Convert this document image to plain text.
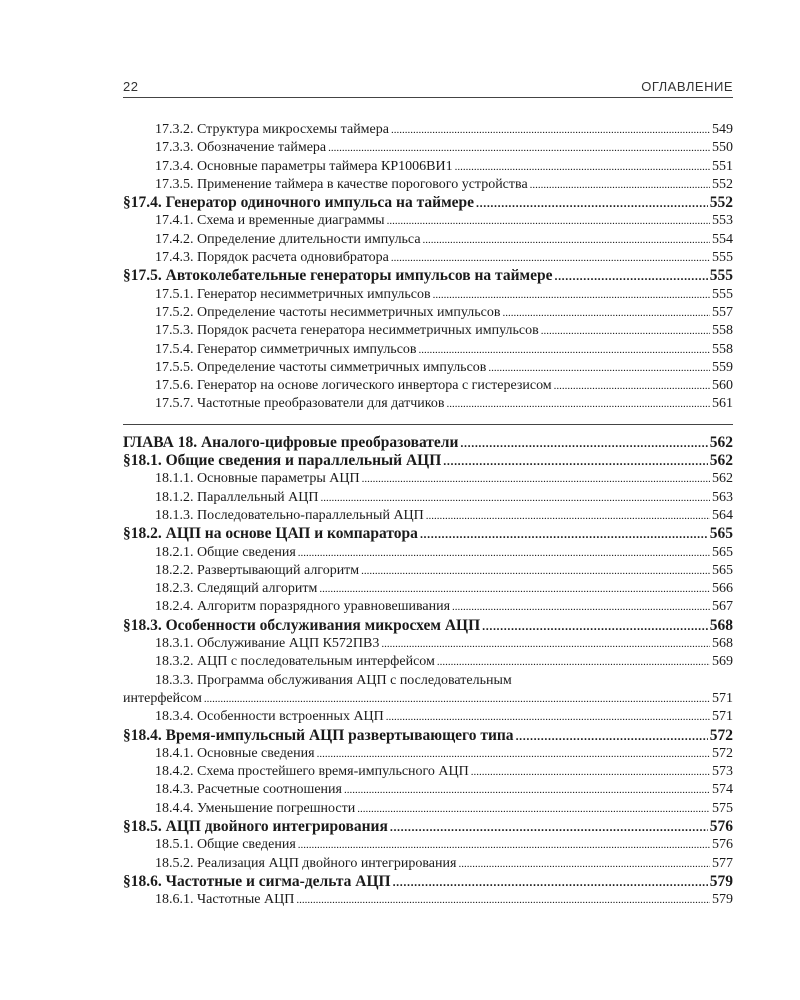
22	ОГЛАВЛЕНИЕ
17.3.2. Структура микросхемы таймера .....	549
17.3.3. Обозначение таймера .....	550
17.3.4. Основные параметры таймера КР1006ВИ1 .....	551
17.3.5. Применение таймера в качестве порогового устройства .....	552
§17.4. Генератор одиночного импульса на таймере . . .	552
17.4.1. Схема и временные диаграммы .....	553
17.4.2. Определение длительности импульса .....	554
17.4.3. Порядок расчета одновибратора .....	555
§17.5. Автоколебательные генераторы импульсов на таймере . . .	555
17.5.1. Генератор несимметричных импульсов .....	555
17.5.2. Определение частоты несимметричных импульсов .....	557
17.5.3. Порядок расчета генератора несимметричных импульсов .....	558
17.5.4. Генератор симметричных импульсов .....	558
17.5.5. Определение частоты симметричных импульсов .....	559
17.5.6. Генератор на основе логического инвертора с гистерезисом .....	560
17.5.7. Частотные преобразователи для датчиков .....	561
ГЛАВА 18. Аналого-цифровые преобразователи . . .	562
§18.1. Общие сведения и параллельный АЦП . . .	562
18.1.1. Основные параметры АЦП .....	562
18.1.2. Параллельный АЦП .....	563
18.1.3. Последовательно-параллельный АЦП .....	564
§18.2. АЦП на основе ЦАП и компаратора . . .	565
18.2.1. Общие сведения .....	565
18.2.2. Развертывающий алгоритм .....	565
18.2.3. Следящий алгоритм .....	566
18.2.4. Алгоритм поразрядного уравновешивания .....	567
§18.3. Особенности обслуживания микросхем АЦП . . .	568
18.3.1. Обслуживание АЦП К572ПВ3 .....	568
18.3.2. АЦП с последовательным интерфейсом .....	569
18.3.3. Программа обслуживания АЦП с последовательным
интерфейсом .....	571
18.3.4. Особенности встроенных АЦП .....	571
§18.4. Время-импульсный АЦП развертывающего типа . . .	572
18.4.1. Основные сведения .....	572
18.4.2. Схема простейшего время-импульсного АЦП .....	573
18.4.3. Расчетные соотношения .....	574
18.4.4. Уменьшение погрешности .....	575
§18.5. АЦП двойного интегрирования . . .	576
18.5.1. Общие сведения .....	576
18.5.2. Реализация АЦП двойного интегрирования .....	577
§18.6. Частотные и сигма-дельта АЦП . . .	579
18.6.1. Частотные АЦП .....	579
